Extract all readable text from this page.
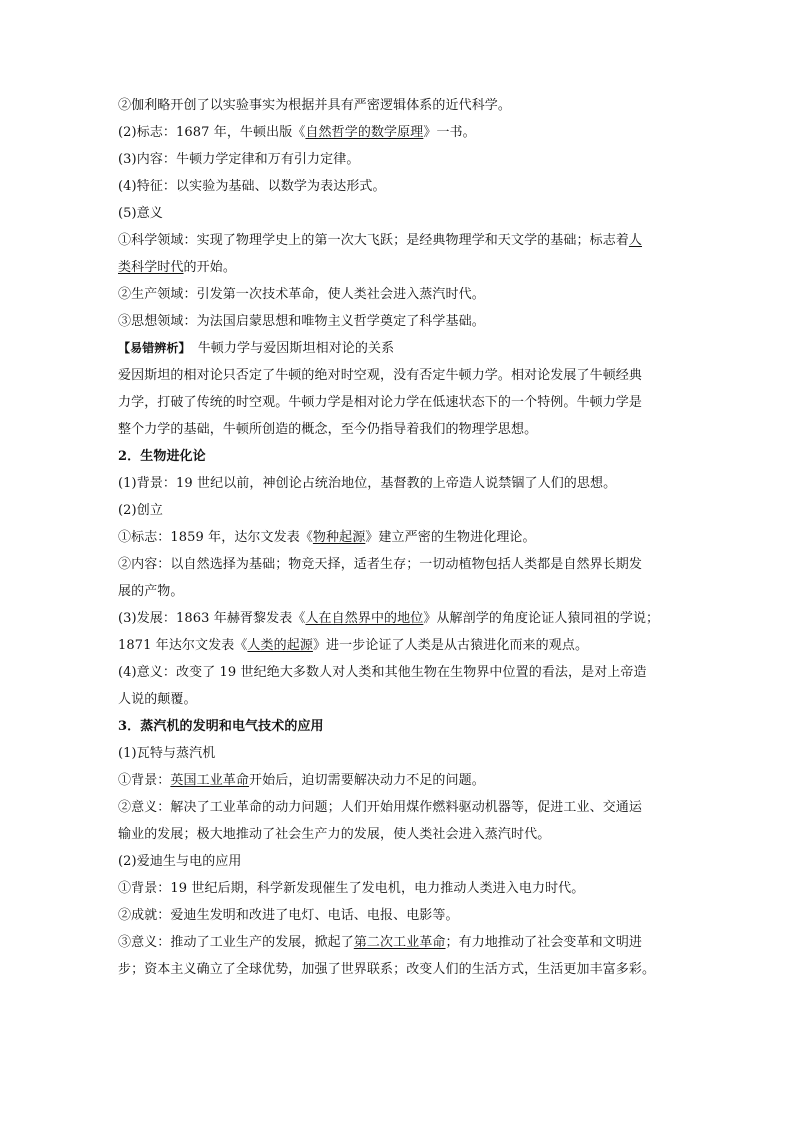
②伽利略开创了以实验事实为根据并具有严密逻辑体系的近代科学。
(2)标志：1687 年，牛顿出版《自然哲学的数学原理》一书。
(3)内容：牛顿力学定律和万有引力定律。
(4)特征：以实验为基础、以数学为表达形式。
(5)意义
①科学领域：实现了物理学史上的第一次大飞跃；是经典物理学和天文学的基础；标志着人
类科学时代的开始。
②生产领域：引发第一次技术革命，使人类社会进入蒸汽时代。
③思想领域：为法国启蒙思想和唯物主义哲学奠定了科学基础。
【易错辨析】　牛顿力学与爱因斯坦相对论的关系
爱因斯坦的相对论只否定了牛顿的绝对时空观，没有否定牛顿力学。相对论发展了牛顿经典
力学，打破了传统的时空观。牛顿力学是相对论力学在低速状态下的一个特例。牛顿力学是
整个力学的基础，牛顿所创造的概念，至今仍指导着我们的物理学思想。
2．生物进化论
(1)背景：19 世纪以前，神创论占统治地位，基督教的上帝造人说禁锢了人们的思想。
(2)创立
①标志：1859 年，达尔文发表《物种起源》建立严密的生物进化理论。
②内容：以自然选择为基础；物竞天择，适者生存；一切动植物包括人类都是自然界长期发
展的产物。
(3)发展：1863 年赫胥黎发表《人在自然界中的地位》从解剖学的角度论证人猿同祖的学说；
1871 年达尔文发表《人类的起源》进一步论证了人类是从古猿进化而来的观点。
(4)意义：改变了 19 世纪绝大多数人对人类和其他生物在生物界中位置的看法，是对上帝造
人说的颠覆。
3．蒸汽机的发明和电气技术的应用
(1)瓦特与蒸汽机
①背景：英国工业革命开始后，迫切需要解决动力不足的问题。
②意义：解决了工业革命的动力问题；人们开始用煤作燃料驱动机器等，促进工业、交通运
输业的发展；极大地推动了社会生产力的发展，使人类社会进入蒸汽时代。
(2)爱迪生与电的应用
①背景：19 世纪后期，科学新发现催生了发电机，电力推动人类进入电力时代。
②成就：爱迪生发明和改进了电灯、电话、电报、电影等。
③意义：推动了工业生产的发展，掀起了第二次工业革命；有力地推动了社会变革和文明进
步；资本主义确立了全球优势，加强了世界联系；改变人们的生活方式，生活更加丰富多彩。
